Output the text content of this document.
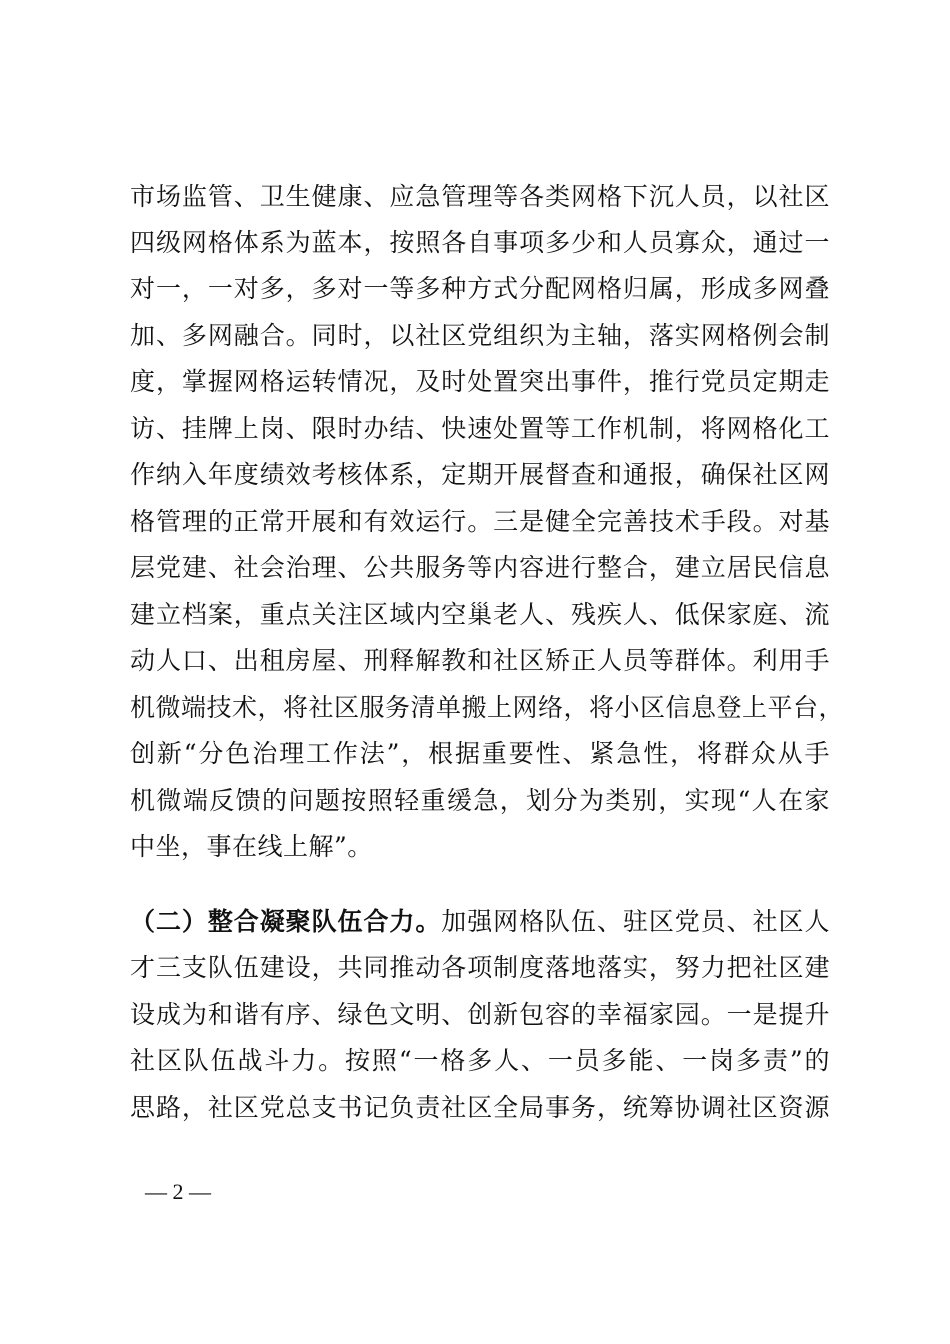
市场监管、卫生健康、应急管理等各类网格下沉人员，以社区
四级网格体系为蓝本，按照各自事项多少和人员寡众，通过一
对一，一对多，多对一等多种方式分配网格归属，形成多网叠
加、多网融合。同时，以社区党组织为主轴，落实网格例会制
度，掌握网格运转情况，及时处置突出事件，推行党员定期走
访、挂牌上岗、限时办结、快速处置等工作机制，将网格化工
作纳入年度绩效考核体系，定期开展督查和通报，确保社区网
格管理的正常开展和有效运行。三是健全完善技术手段。对基
层党建、社会治理、公共服务等内容进行整合，建立居民信息
建立档案，重点关注区域内空巢老人、残疾人、低保家庭、流
动人口、出租房屋、刑释解教和社区矫正人员等群体。利用手
机微端技术，将社区服务清单搬上网络，将小区信息登上平台，
创新“分色治理工作法”，根据重要性、紧急性，将群众从手
机微端反馈的问题按照轻重缓急，划分为类别，实现“人在家
中坐，事在线上解”。
（二）整合凝聚队伍合力。加强网格队伍、驻区党员、社区人
才三支队伍建设，共同推动各项制度落地落实，努力把社区建
设成为和谐有序、绿色文明、创新包容的幸福家园。一是提升
社区队伍战斗力。按照“一格多人、一员多能、一岗多责”的
思路，社区党总支书记负责社区全局事务，统筹协调社区资源
— 2 —
